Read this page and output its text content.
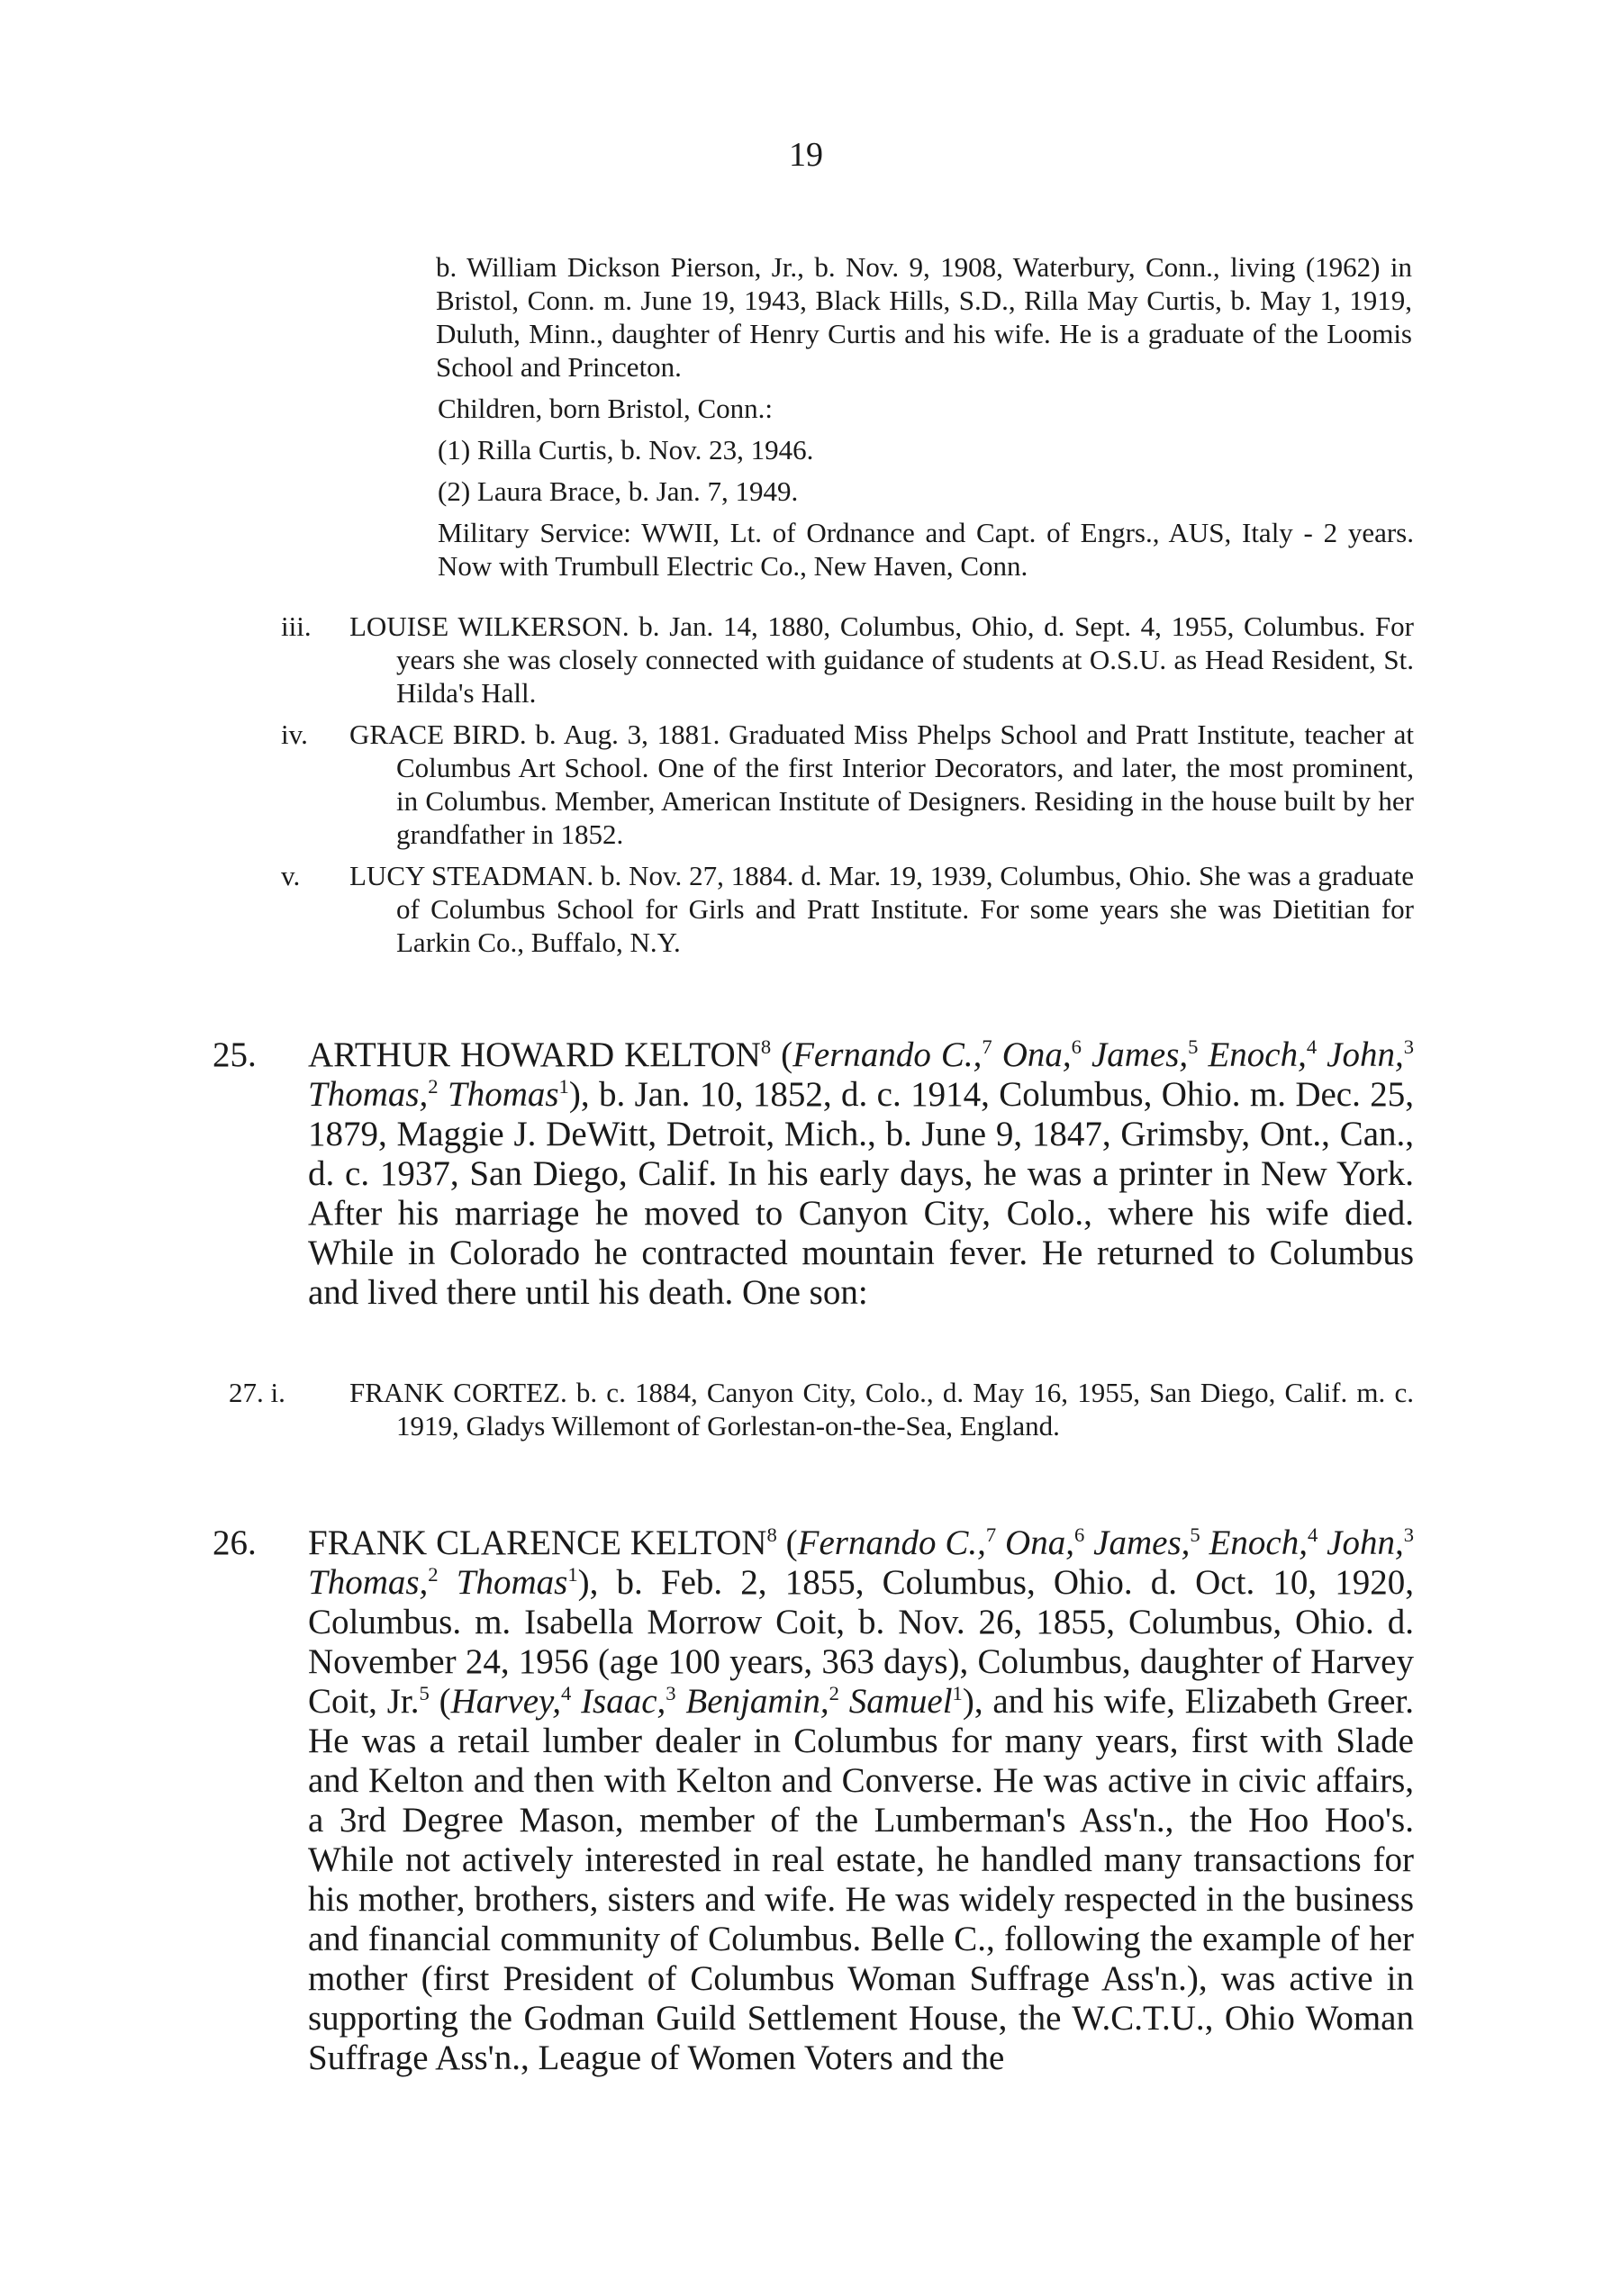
19

b. William Dickson Pierson, Jr., b. Nov. 9, 1908, Waterbury, Conn., living (1962) in Bristol, Conn. m. June 19, 1943, Black Hills, S.D., Rilla May Curtis, b. May 1, 1919, Duluth, Minn., daughter of Henry Curtis and his wife. He is a graduate of the Loomis School and Princeton.

Children, born Bristol, Conn.:

(1) Rilla Curtis, b. Nov. 23, 1946.

(2) Laura Brace, b. Jan. 7, 1949.

Military Service: WWII, Lt. of Ordnance and Capt. of Engrs., AUS, Italy - 2 years. Now with Trumbull Electric Co., New Haven, Conn.

iii. LOUISE WILKERSON. b. Jan. 14, 1880, Columbus, Ohio, d. Sept. 4, 1955, Columbus. For years she was closely connected with guidance of students at O.S.U. as Head Resident, St. Hilda's Hall.

iv. GRACE BIRD. b. Aug. 3, 1881. Graduated Miss Phelps School and Pratt Institute, teacher at Columbus Art School. One of the first Interior Decorators, and later, the most prominent, in Columbus. Member, American Institute of Designers. Residing in the house built by her grandfather in 1852.

v. LUCY STEADMAN. b. Nov. 27, 1884. d. Mar. 19, 1939, Columbus, Ohio. She was a graduate of Columbus School for Girls and Pratt Institute. For some years she was Dietitian for Larkin Co., Buffalo, N.Y.

25.	ARTHUR HOWARD KELTON$^8$ (Fernando C.,$^7$ Ona,$^6$ James,$^5$ Enoch,$^4$ John,$^3$ Thomas,$^2$ Thomas$^1$), b. Jan. 10, 1852, d. c. 1914, Columbus, Ohio. m. Dec. 25, 1879, Maggie J. DeWitt, Detroit, Mich., b. June 9, 1847, Grimsby, Ont., Can., d. c. 1937, San Diego, Calif. In his early days, he was a printer in New York. After his marriage he moved to Canyon City, Colo., where his wife died. While in Colorado he contracted mountain fever. He returned to Columbus and lived there until his death. One son:

27. i.	FRANK CORTEZ. b. c. 1884, Canyon City, Colo., d. May 16, 1955, San Diego, Calif. m. c. 1919, Gladys Willemont of Gorlestan-on-the-Sea, England.

26.	FRANK CLARENCE KELTON$^8$ (Fernando C.,$^7$ Ona,$^6$ James,$^5$ Enoch,$^4$ John,$^3$ Thomas,$^2$ Thomas$^1$), b. Feb. 2, 1855, Columbus, Ohio. d. Oct. 10, 1920, Columbus. m. Isabella Morrow Coit, b. Nov. 26, 1855, Columbus, Ohio. d. November 24, 1956 (age 100 years, 363 days), Columbus, daughter of Harvey Coit, Jr.$^5$ (Harvey,$^4$ Isaac,$^3$ Benjamin,$^2$ Samuel$^1$), and his wife, Elizabeth Greer. He was a retail lumber dealer in Columbus for many years, first with Slade and Kelton and then with Kelton and Converse. He was active in civic affairs, a 3rd Degree Mason, member of the Lumberman's Ass'n., the Hoo Hoo's. While not actively interested in real estate, he handled many transactions for his mother, brothers, sisters and wife. He was widely respected in the business and financial community of Columbus. Belle C., following the example of her mother (first President of Columbus Woman Suffrage Ass'n.), was active in supporting the Godman Guild Settlement House, the W.C.T.U., Ohio Woman Suffrage Ass'n., League of Women Voters and the
